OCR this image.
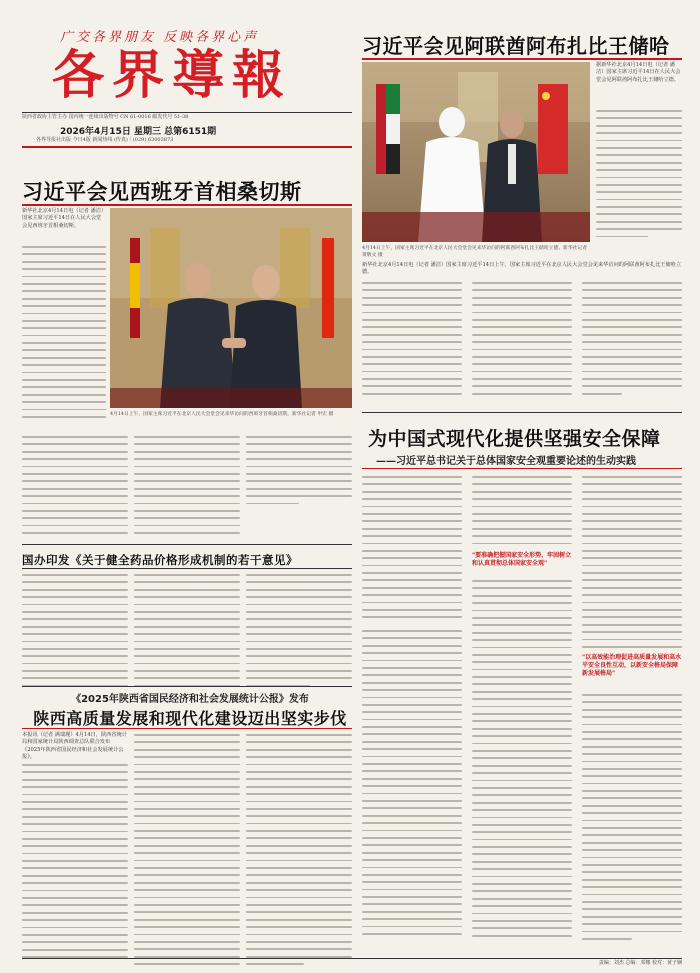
广交各界朋友 反映各界心声
各界導報
陕西省政协主管主办 国内统一连续出版物号 CN 61-0016 邮发代号 51-38
2026年4月15日 星期三 总第6151期
各界导报社出版 今日4版 新闻热线 (传真)｜(029) 63003873
习近平会见阿联酋阿布扎比王储哈
4月14日上午，国家主席习近平在北京人民大会堂会见来华访问的阿联酋阿布扎比王储哈立德。新华社记者 黄敬文 摄
据新华社北京4月14日电（记者 潘洁）国家主席习近平14日在人民大会堂会见阿联酋阿布扎比王储哈立德。
新华社北京4月14日电（记者 潘洁）国家主席习近平14日上午，国家主席习近平在北京人民大会堂会见来华访问的阿联酋阿布扎比王储哈立德。
习近平会见西班牙首相桑切斯
新华社北京4月14日电（记者 潘洁）国家主席习近平14日在人民大会堂会见西班牙首相桑切斯。
4月14日上午，国家主席习近平在北京人民大会堂会见来华访问的西班牙首相桑切斯。新华社记者 申宏 摄
为中国式现代化提供坚强安全保障
——习近平总书记关于总体国家安全观重要论述的生动实践
"要准确把握国家安全形势，牢固树立和认真贯彻总体国家安全观"
"以高效能治理促进高质量发展和高水平安全良性互动，以新安全格局保障新发展格局"
国办印发《关于健全药品价格形成机制的若干意见》
《2025年陕西省国民经济和社会发展统计公报》发布
陕西高质量发展和现代化建设迈出坚实步伐
本报讯（记者 满瑞瑾）4月14日，陕西省统计局和国家统计局陕西调查总队联合发布《2025年陕西省国民经济和社会发展统计公报》。
责编：刘杰 总编：邓娜 校对：黄子娴
